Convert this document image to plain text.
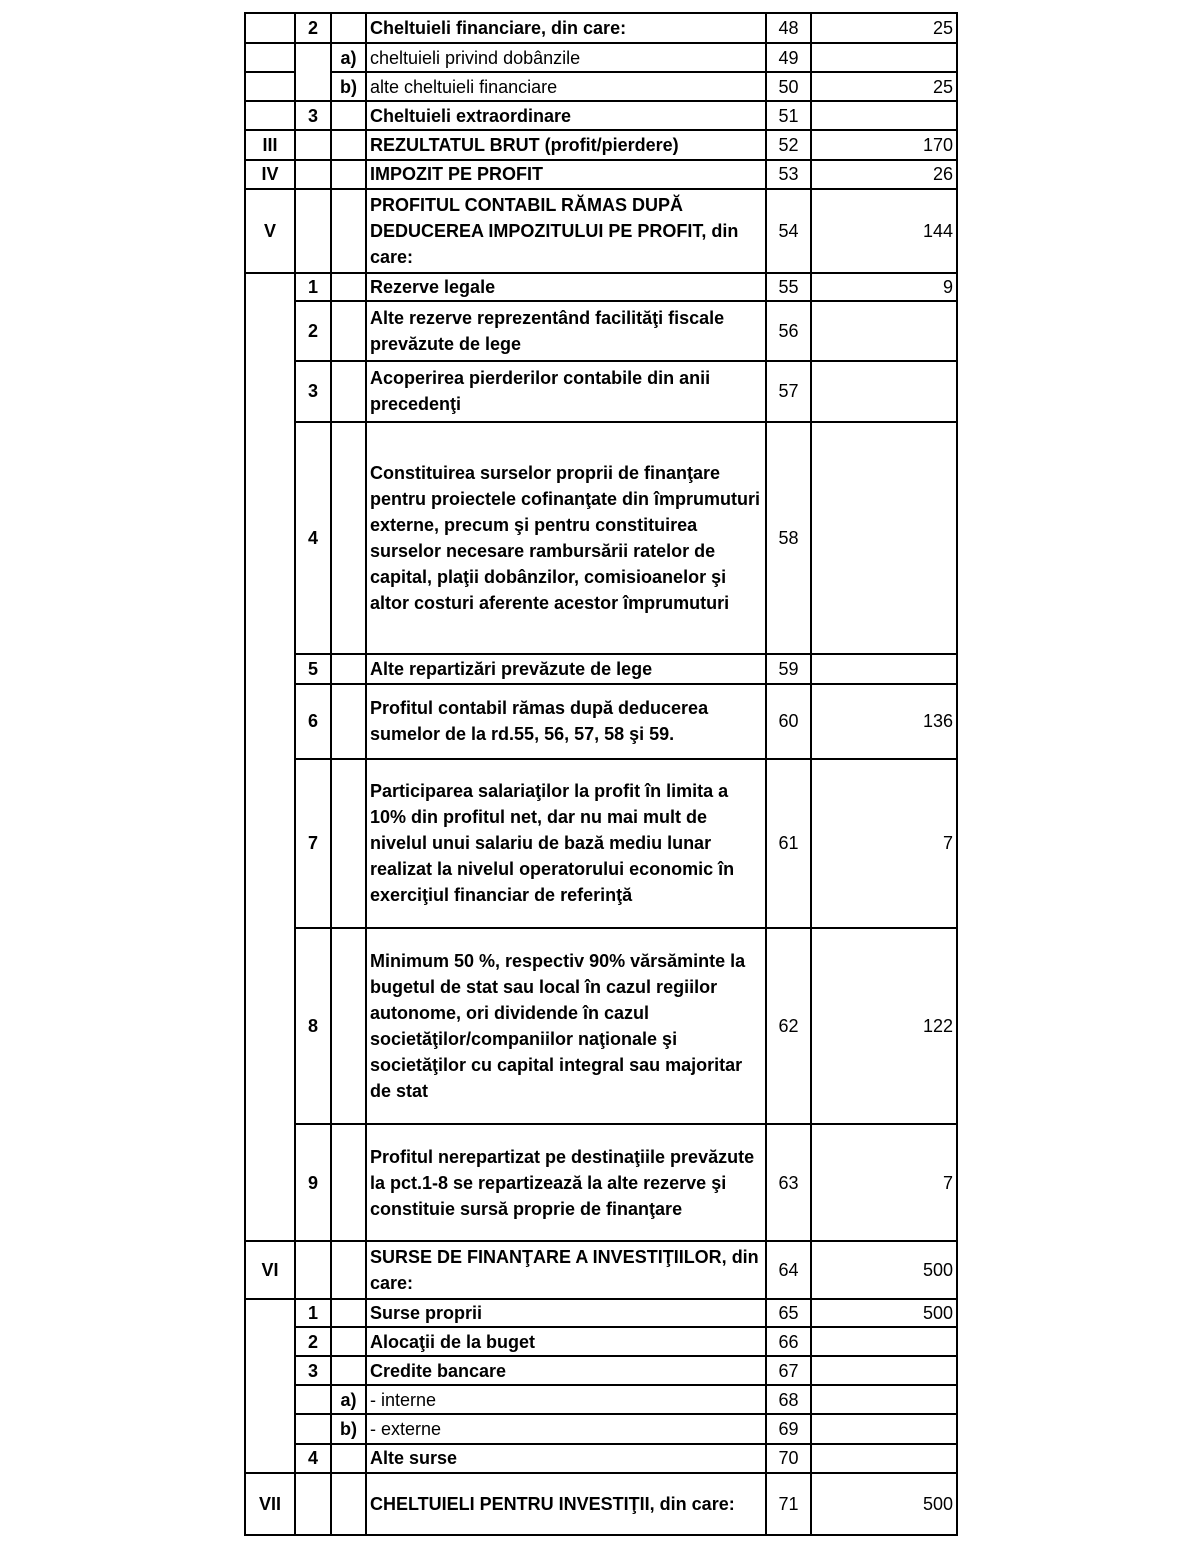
	2		Cheltuieli financiare, din care:	48	25
		a)	cheltuieli privind dobânzile	49	
		b)	alte cheltuieli financiare	50	25
	3		Cheltuieli extraordinare	51	
III			REZULTATUL BRUT (profit/pierdere)	52	170
IV			IMPOZIT PE PROFIT	53	26
V			PROFITUL CONTABIL RĂMAS DUPĂ DEDUCEREA IMPOZITULUI PE PROFIT, din care:	54	144
	1		Rezerve legale	55	9
	2		Alte rezerve reprezentând facilităţi fiscale prevăzute de lege	56	
	3		Acoperirea pierderilor contabile din anii precedenţi	57	
	4		Constituirea surselor proprii de finanţare pentru proiectele cofinanţate din împrumuturi externe, precum şi pentru constituirea surselor necesare rambursării ratelor de capital, plaţii dobânzilor, comisioanelor şi altor costuri aferente acestor împrumuturi	58	
	5		Alte repartizări prevăzute de lege	59	
	6		Profitul contabil rămas după deducerea sumelor de la rd.55, 56, 57, 58 şi 59.	60	136
	7		Participarea salariaţilor la profit în limita a 10% din profitul net, dar nu mai mult de nivelul unui salariu de bază mediu lunar realizat la nivelul operatorului economic în exerciţiul financiar de referinţă	61	7
	8		Minimum 50 %, respectiv 90% vărsăminte la bugetul de stat sau local în cazul regiilor autonome, ori dividende în cazul societăţilor/companiilor naţionale şi societăţilor cu capital integral sau majoritar de stat	62	122
	9		Profitul nerepartizat pe destinaţiile prevăzute la pct.1-8 se repartizează la alte rezerve şi constituie sursă proprie de finanţare	63	7
VI			SURSE DE FINANŢARE A INVESTIŢIILOR, din care:	64	500
	1		Surse proprii	65	500
	2		Alocaţii de la buget	66	
	3		Credite bancare	67	
		a)	- interne	68	
		b)	- externe	69	
	4		Alte surse	70	
VII			CHELTUIELI PENTRU INVESTIŢII, din care:	71	500
